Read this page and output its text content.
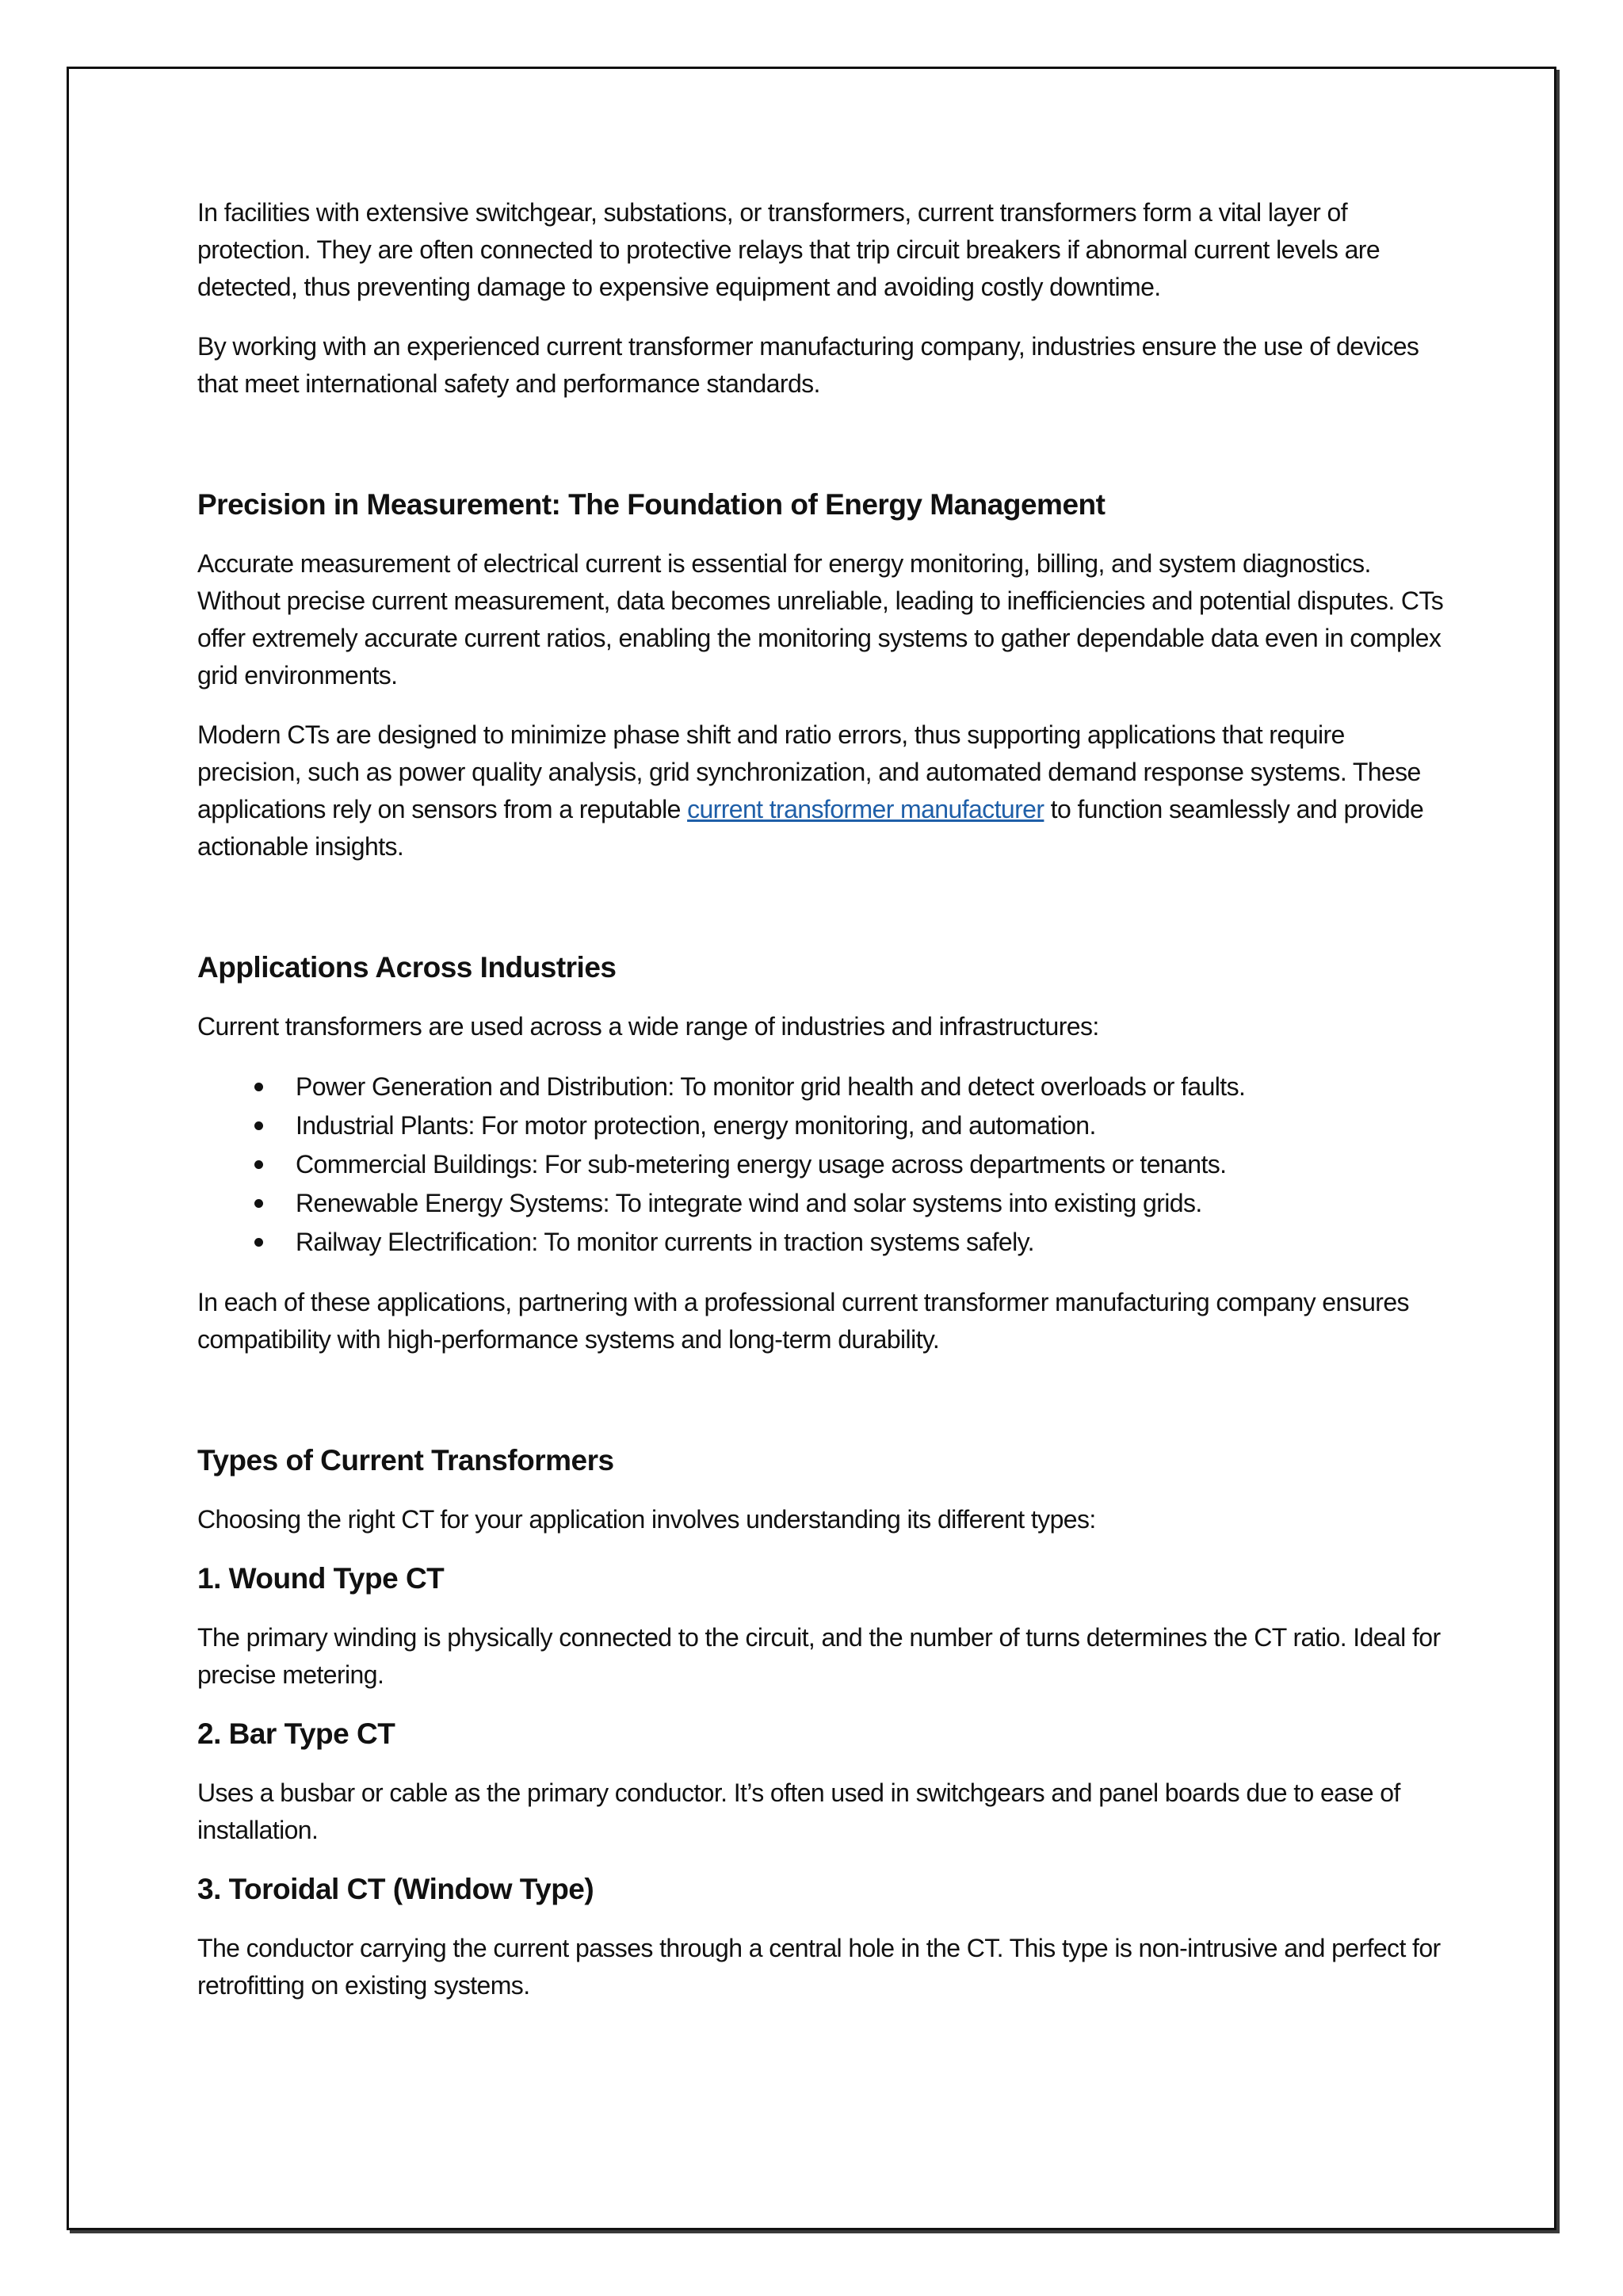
In facilities with extensive switchgear, substations, or transformers, current transformers form a vital layer of protection. They are often connected to protective relays that trip circuit breakers if abnormal current levels are detected, thus preventing damage to expensive equipment and avoiding costly downtime.

By working with an experienced current transformer manufacturing company, industries ensure the use of devices that meet international safety and performance standards.

Precision in Measurement: The Foundation of Energy Management

Accurate measurement of electrical current is essential for energy monitoring, billing, and system diagnostics. Without precise current measurement, data becomes unreliable, leading to inefficiencies and potential disputes. CTs offer extremely accurate current ratios, enabling the monitoring systems to gather dependable data even in complex grid environments.

Modern CTs are designed to minimize phase shift and ratio errors, thus supporting applications that require precision, such as power quality analysis, grid synchronization, and automated demand response systems. These applications rely on sensors from a reputable current transformer manufacturer to function seamlessly and provide actionable insights.

Applications Across Industries

Current transformers are used across a wide range of industries and infrastructures:

Power Generation and Distribution: To monitor grid health and detect overloads or faults.
Industrial Plants: For motor protection, energy monitoring, and automation.
Commercial Buildings: For sub-metering energy usage across departments or tenants.
Renewable Energy Systems: To integrate wind and solar systems into existing grids.
Railway Electrification: To monitor currents in traction systems safely.

In each of these applications, partnering with a professional current transformer manufacturing company ensures compatibility with high-performance systems and long-term durability.

Types of Current Transformers

Choosing the right CT for your application involves understanding its different types:

1. Wound Type CT

The primary winding is physically connected to the circuit, and the number of turns determines the CT ratio. Ideal for precise metering.

2. Bar Type CT

Uses a busbar or cable as the primary conductor. It’s often used in switchgears and panel boards due to ease of installation.

3. Toroidal CT (Window Type)

The conductor carrying the current passes through a central hole in the CT. This type is non-intrusive and perfect for retrofitting on existing systems.
